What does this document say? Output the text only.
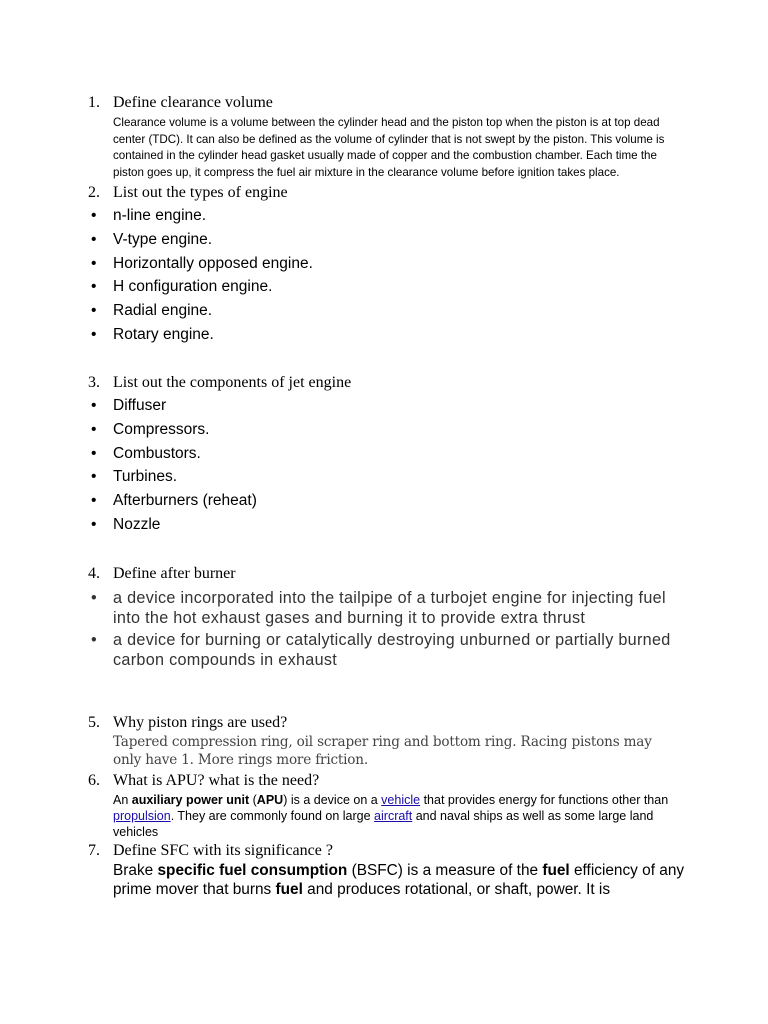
1. Define clearance volume
Clearance volume is a volume between the cylinder head and the piston top when the piston is at top dead center (TDC). It can also be defined as the volume of cylinder that is not swept by the piston. This volume is contained in the cylinder head gasket usually made of copper and the combustion chamber. Each time the piston goes up, it compress the fuel air mixture in the clearance volume before ignition takes place.
2. List out the types of engine
• n-line engine.
• V-type engine.
• Horizontally opposed engine.
• H configuration engine.
• Radial engine.
• Rotary engine.
3. List out the components of jet engine
• Diffuser
• Compressors.
• Combustors.
• Turbines.
• Afterburners (reheat)
• Nozzle
4. Define after burner
• a device incorporated into the tailpipe of a turbojet engine for injecting fuel into the hot exhaust gases and burning it to provide extra thrust
• a device for burning or catalytically destroying unburned or partially burned carbon compounds in exhaust
5. Why piston rings are used?
Tapered compression ring, oil scraper ring and bottom ring. Racing pistons may only have 1. More rings more friction.
6. What is APU? what is the need?
An auxiliary power unit (APU) is a device on a vehicle that provides energy for functions other than propulsion. They are commonly found on large aircraft and naval ships as well as some large land vehicles
7. Define SFC with its significance ?
Brake specific fuel consumption (BSFC) is a measure of the fuel efficiency of any prime mover that burns fuel and produces rotational, or shaft, power. It is
